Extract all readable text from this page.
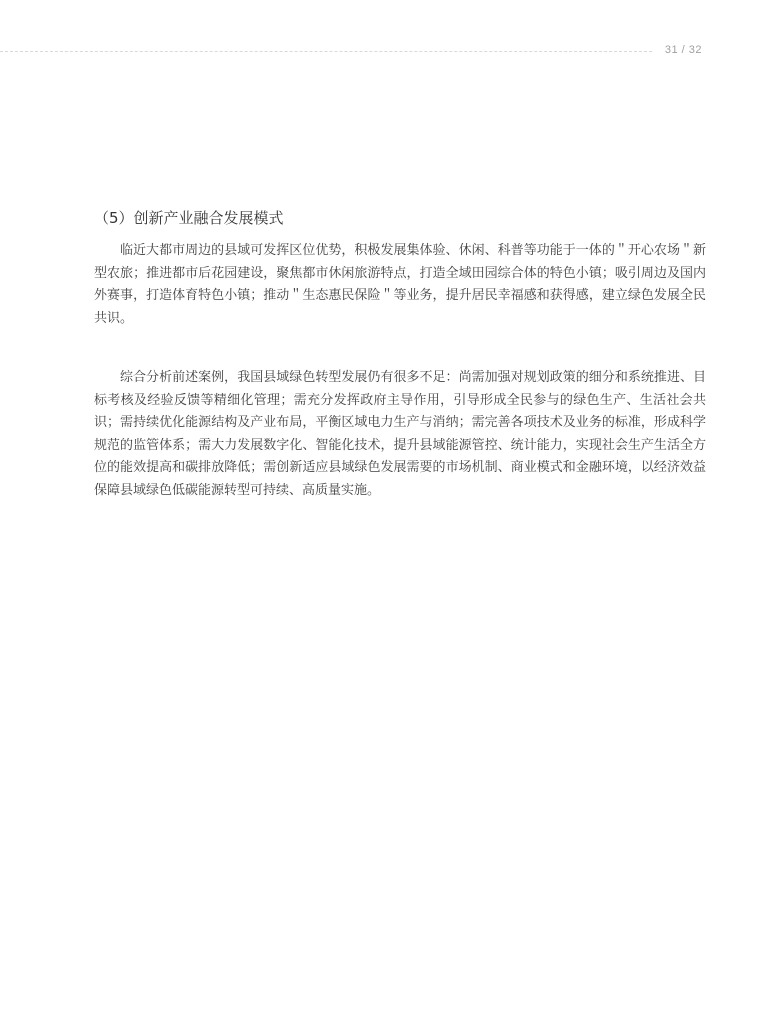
31 / 32
（5）创新产业融合发展模式

临近大都市周边的县域可发挥区位优势，积极发展集体验、休闲、科普等功能于一体的＂开心农场＂新型农旅；推进都市后花园建设，聚焦都市休闲旅游特点，打造全域田园综合体的特色小镇；吸引周边及国内外赛事，打造体育特色小镇；推动＂生态惠民保险＂等业务，提升居民幸福感和获得感，建立绿色发展全民共识。

综合分析前述案例，我国县域绿色转型发展仍有很多不足：尚需加强对规划政策的细分和系统推进、目标考核及经验反馈等精细化管理；需充分发挥政府主导作用，引导形成全民参与的绿色生产、生活社会共识；需持续优化能源结构及产业布局，平衡区域电力生产与消纳；需完善各项技术及业务的标准，形成科学规范的监管体系；需大力发展数字化、智能化技术，提升县域能源管控、统计能力，实现社会生产生活全方位的能效提高和碳排放降低；需创新适应县域绿色发展需要的市场机制、商业模式和金融环境，以经济效益保障县域绿色低碳能源转型可持续、高质量实施。
